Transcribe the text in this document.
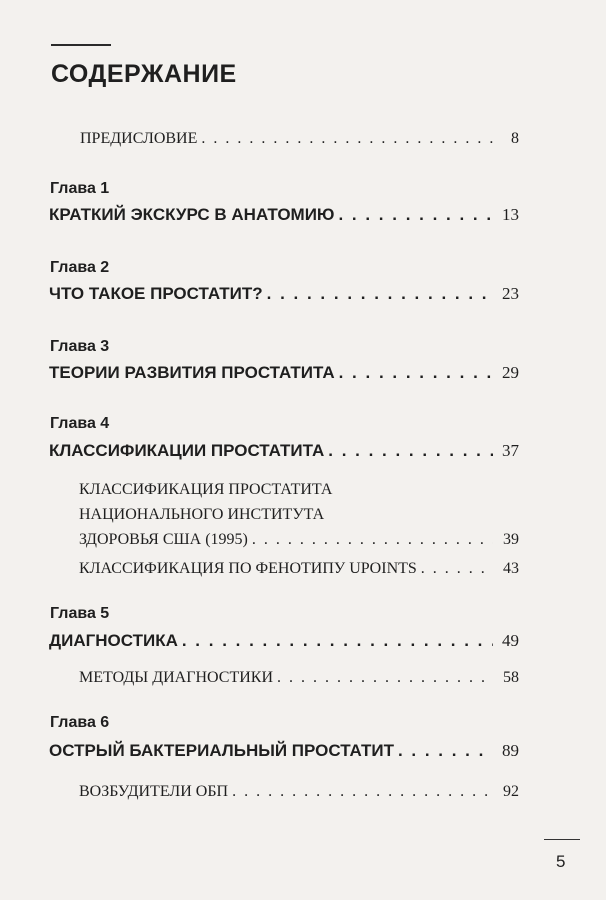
СОДЕРЖАНИЕ
ПРЕДИСЛОВИЕ . . .	8
Глава 1
КРАТКИЙ ЭКСКУРС В АНАТОМИЮ . . .	13
Глава 2
ЧТО ТАКОЕ ПРОСТАТИТ? . . .	23
Глава 3
ТЕОРИИ РАЗВИТИЯ ПРОСТАТИТА . . .	29
Глава 4
КЛАССИФИКАЦИИ ПРОСТАТИТА . . .	37
КЛАССИФИКАЦИЯ ПРОСТАТИТА
НАЦИОНАЛЬНОГО ИНСТИТУТА
ЗДОРОВЬЯ США (1995) . . .	39
КЛАССИФИКАЦИЯ ПО ФЕНОТИПУ UPOINTS . . .	43
Глава 5
ДИАГНОСТИКА . . .	49
МЕТОДЫ ДИАГНОСТИКИ . . .	58
Глава 6
ОСТРЫЙ БАКТЕРИАЛЬНЫЙ ПРОСТАТИТ . . .	89
ВОЗБУДИТЕЛИ ОБП . . .	92
5
